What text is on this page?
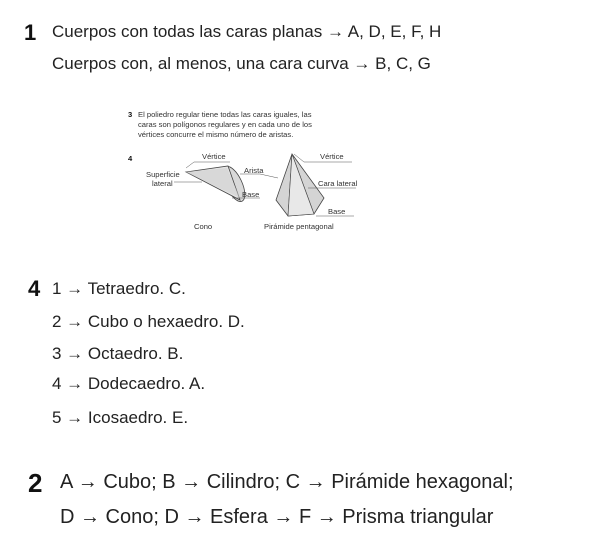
1 Cuerpos con todas las caras planas → A, D, E, F, H
Cuerpos con, al menos, una cara curva → B, C, G
3 El poliedro regular tiene todas las caras iguales, las
caras son polígonos regulares y en cada uno de los
vértices concurre el mismo número de aristas.
4	Vértice
Superficie
lateral
Base
Cono
Arista
Vértice
Cara lateral
Base
Pirámide pentagonal
4 1 → Tetraedro. C.
2 → Cubo o hexaedro. D.
3 → Octaedro. B.
4 → Dodecaedro. A.
5 → Icosaedro. E.
2 A → Cubo; B → Cilindro; C → Pirámide hexagonal;
D → Cono; D → Esfera → F → Prisma triangular
